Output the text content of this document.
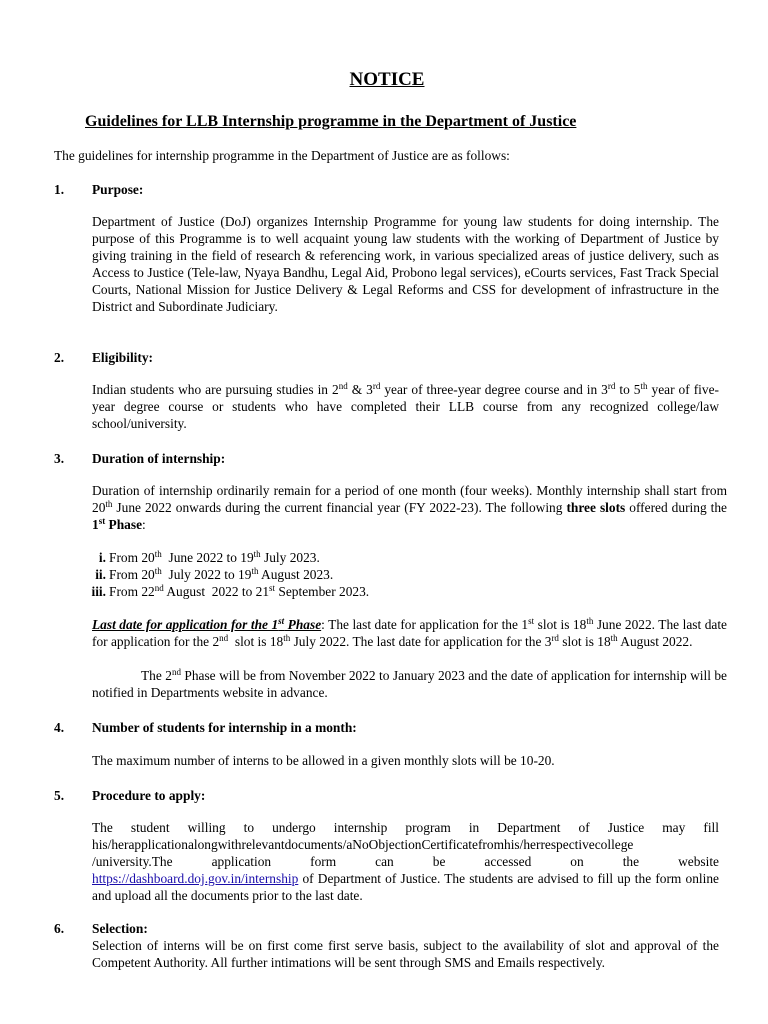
NOTICE
Guidelines for LLB Internship programme in the Department of Justice

The guidelines for internship programme in the Department of Justice are as follows:

1. Purpose:

Department of Justice (DoJ) organizes Internship Programme for young law students for doing internship. The purpose of this Programme is to well acquaint young law students with the working of Department of Justice by giving training in the field of research & referencing work, in various specialized areas of justice delivery, such as Access to Justice (Tele-law, Nyaya Bandhu, Legal Aid, Probono legal services), eCourts services, Fast Track Special Courts, National Mission for Justice Delivery & Legal Reforms and CSS for development of infrastructure in the District and Subordinate Judiciary.

2. Eligibility:

Indian students who are pursuing studies in 2nd & 3rd year of three-year degree course and in 3rd to 5th year of five-year degree course or students who have completed their LLB course from any recognized college/law school/university.

3. Duration of internship:

Duration of internship ordinarily remain for a period of one month (four weeks). Monthly internship shall start from 20th June 2022 onwards during the current financial year (FY 2022-23). The following three slots offered during the 1st Phase:

i. From 20th  June 2022 to 19th July 2023.
ii. From 20th  July 2022 to 19th August 2023.
iii. From 22nd August  2022 to 21st September 2023.

Last date for application for the 1st Phase: The last date for application for the 1st slot is 18th June 2022. The last date for application for the 2nd  slot is 18th July 2022. The last date for application for the 3rd slot is 18th August 2022.

The 2nd Phase will be from November 2022 to January 2023 and the date of application for internship will be notified in Departments website in advance.

4. Number of students for internship in a month:

The maximum number of interns to be allowed in a given monthly slots will be 10-20.

5. Procedure to apply:
The student willing to undergo internship program in Department of Justice may fill
his/herapplicationalongwithrelevantdocuments/aNoObjectionCertificatefromhis/herrespectivecollege
/university.The application form can be accessed on the website

https://dashboard.doj.gov.in/internship of Department of Justice. The students are advised to fill up the form online and upload all the documents prior to the last date.

6. Selection:

Selection of interns will be on first come first serve basis, subject to the availability of slot and approval of the Competent Authority. All further intimations will be sent through SMS and Emails respectively.
